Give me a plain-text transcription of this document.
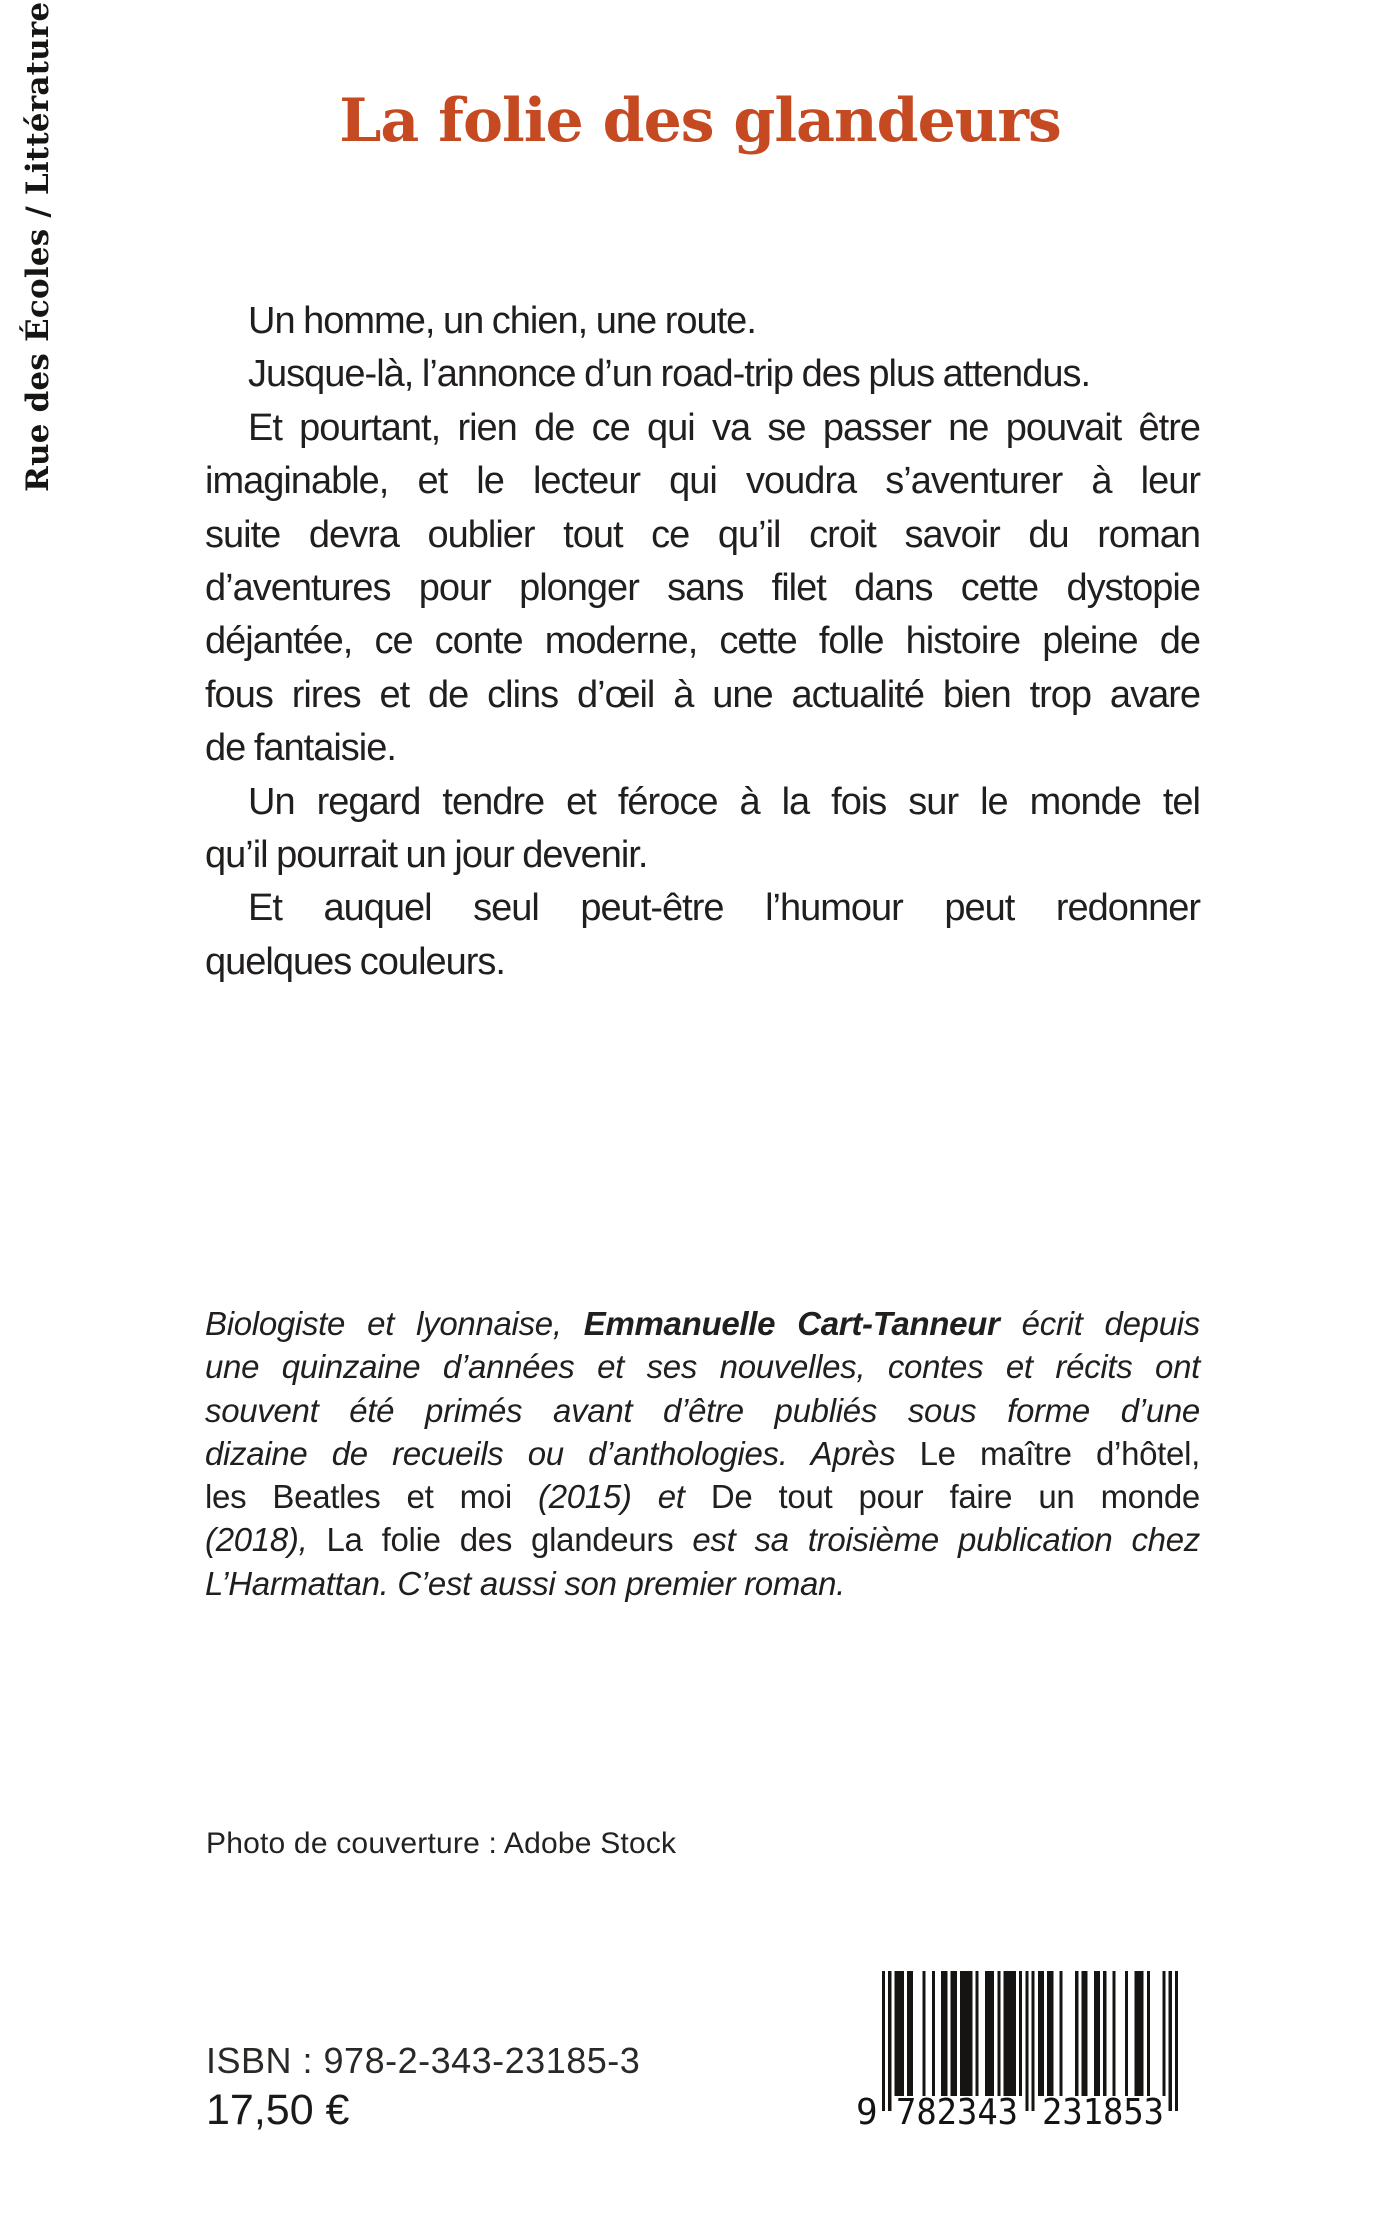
Rue des Écoles / Littérature	La folie des glandeurs
Un homme, un chien, une route.
Jusque-là, l’annonce d’un road-trip des plus attendus.
Et pourtant, rien de ce qui va se passer ne pouvait être
imaginable, et le lecteur qui voudra s’aventurer à leur
suite devra oublier tout ce qu’il croit savoir du roman
d’aventures pour plonger sans filet dans cette dystopie
déjantée, ce conte moderne, cette folle histoire pleine de
fous rires et de clins d’œil à une actualité bien trop avare
de fantaisie.
Un regard tendre et féroce à la fois sur le monde tel
qu’il pourrait un jour devenir.
Et auquel seul peut-être l’humour peut redonner
quelques couleurs.
Biologiste et lyonnaise, Emmanuelle Cart-Tanneur écrit depuis
une quinzaine d’années et ses nouvelles, contes et récits ont
souvent été primés avant d’être publiés sous forme d’une
dizaine de recueils ou d’anthologies. Après Le maître d’hôtel,
les Beatles et moi (2015) et De tout pour faire un monde
(2018), La folie des glandeurs est sa troisième publication chez
L’Harmattan. C’est aussi son premier roman.
Photo de couverture : Adobe Stock
ISBN : 978-2-343-23185-3
17,50 €	9 782343 231853
